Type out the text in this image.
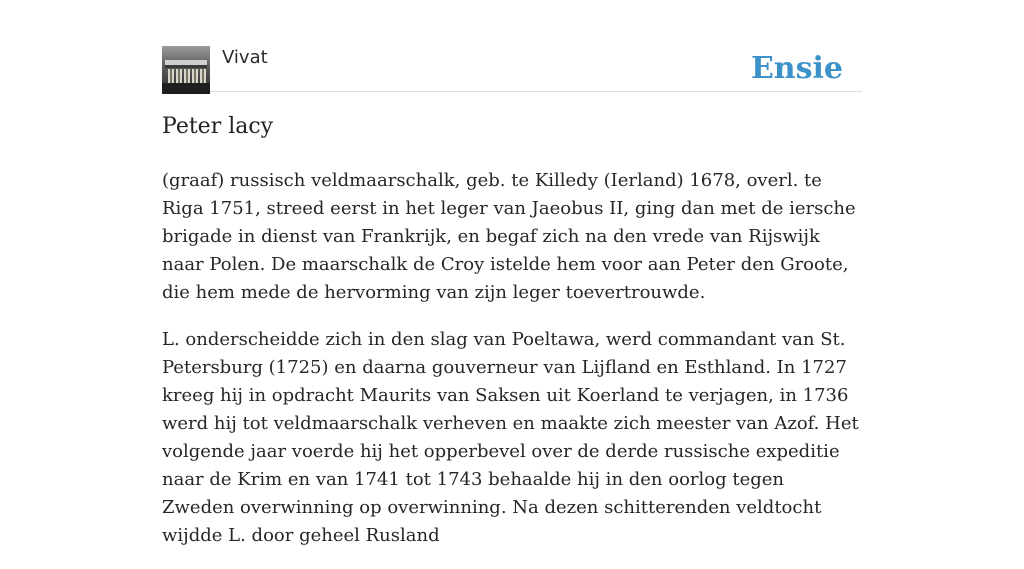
Vivat	Ensie
Peter lacy

(graaf) russisch veldmaarschalk, geb. te Killedy (Ierland) 1678, overl. te Riga 1751, streed eerst in het leger van Jaeobus II, ging dan met de iersche brigade in dienst van Frankrijk, en begaf zich na den vrede van Rijswijk naar Polen. De maarschalk de Croy istelde hem voor aan Peter den Groote, die hem mede de hervorming van zijn leger toevertrouwde.

L. onderscheidde zich in den slag van Poeltawa, werd commandant van St. Petersburg (1725) en daarna gouverneur van Lijfland en Esthland. In 1727 kreeg hij in opdracht Maurits van Saksen uit Koerland te verjagen, in 1736 werd hij tot veldmaarschalk verheven en maakte zich meester van Azof. Het volgende jaar voerde hij het opperbevel over de derde russische expeditie naar de Krim en van 1741 tot 1743 behaalde hij in den oorlog tegen Zweden overwinning op overwinning. Na dezen schitterenden veldtocht wijdde L. door geheel Rusland
